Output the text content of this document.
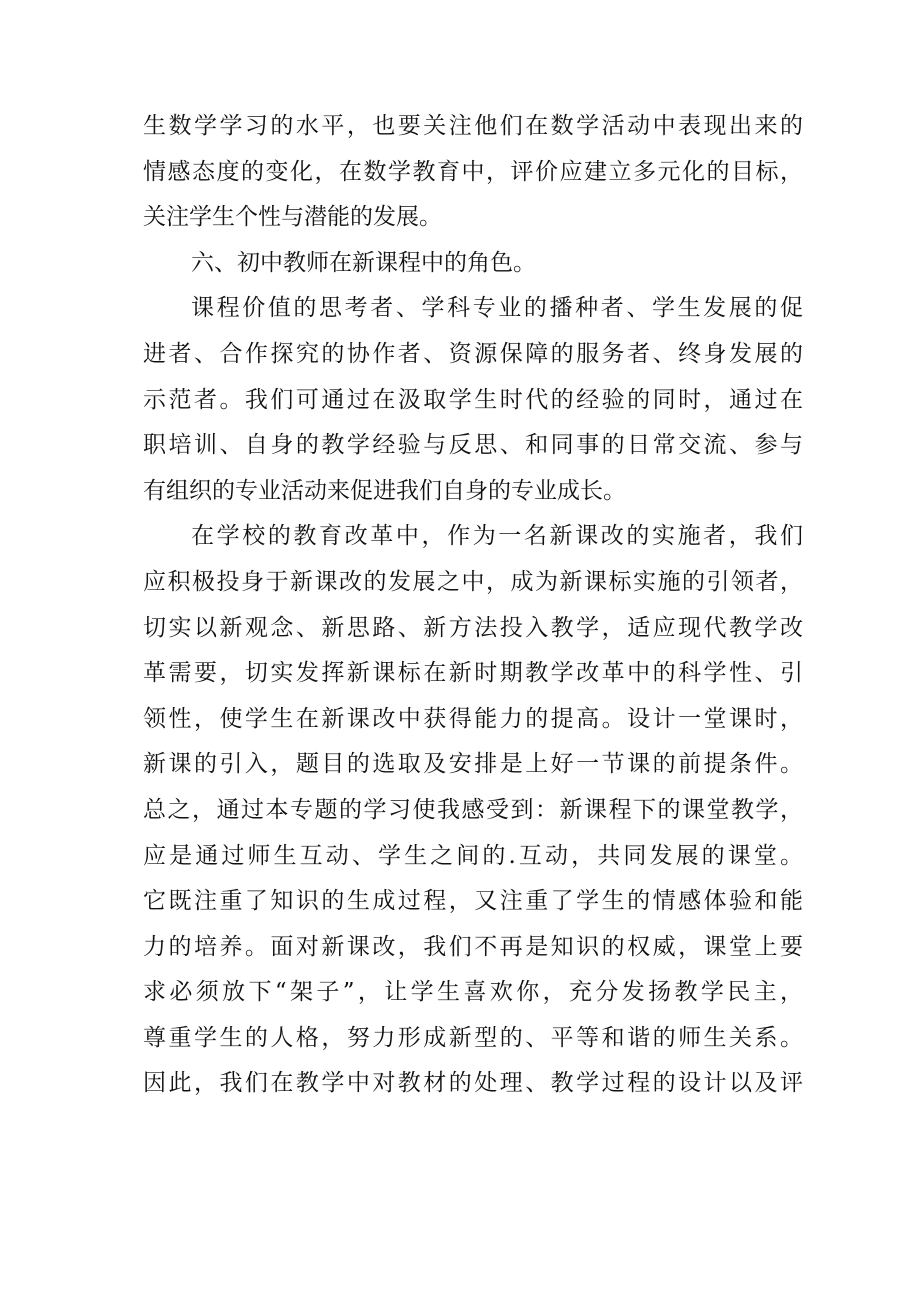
生数学学习的水平，也要关注他们在数学活动中表现出来的
情感态度的变化，在数学教育中，评价应建立多元化的目标，
关注学生个性与潜能的发展。
六、初中教师在新课程中的角色。
课程价值的思考者、学科专业的播种者、学生发展的促
进者、合作探究的协作者、资源保障的服务者、终身发展的
示范者。我们可通过在汲取学生时代的经验的同时，通过在
职培训、自身的教学经验与反思、和同事的日常交流、参与
有组织的专业活动来促进我们自身的专业成长。
在学校的教育改革中，作为一名新课改的实施者，我们
应积极投身于新课改的发展之中，成为新课标实施的引领者，
切实以新观念、新思路、新方法投入教学，适应现代教学改
革需要，切实发挥新课标在新时期教学改革中的科学性、引
领性，使学生在新课改中获得能力的提高。设计一堂课时，
新课的引入，题目的选取及安排是上好一节课的前提条件。
总之，通过本专题的学习使我感受到：新课程下的课堂教学，
应是通过师生互动、学生之间的.互动，共同发展的课堂。
它既注重了知识的生成过程，又注重了学生的情感体验和能
力的培养。面对新课改，我们不再是知识的权威，课堂上要
求必须放下“架子”，让学生喜欢你，充分发扬教学民主，
尊重学生的人格，努力形成新型的、平等和谐的师生关系。
因此，我们在教学中对教材的处理、教学过程的设计以及评
